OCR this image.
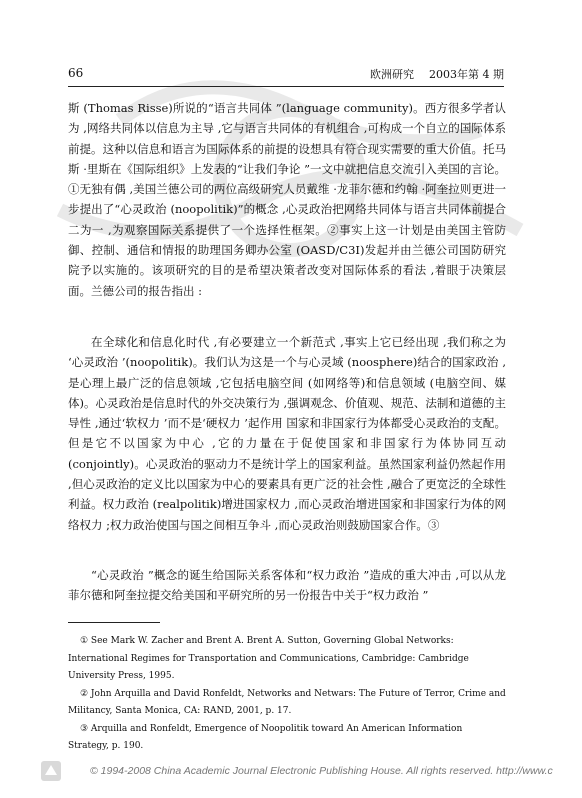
66	欧洲研究 2003年第 4 期

斯 (Thomas Risse)所说的“语言共同体 ”(language community)。西方很多学者认为 ,网络共同体以信息为主导 ,它与语言共同体的有机组合 ,可构成一个自立的国际体系前提。这种以信息和语言为国际体系的前提的设想具有符合现实需要的重大价值。托马斯 ·里斯在《国际组织》上发表的“让我们争论 ”一文中就把信息交流引入美国的言论。①无独有偶 ,美国兰德公司的两位高级研究人员戴维 ·龙菲尔德和约翰 ·阿奎拉则更进一步提出了“心灵政治 (noopolitik)”的概念 ,心灵政治把网络共同体与语言共同体前提合二为一 ,为观察国际关系提供了一个选择性框架。②事实上这一计划是由美国主管防御、控制、通信和情报的助理国务卿办公室 (OASD/C3I)发起并由兰德公司国防研究院予以实施的。该项研究的目的是希望决策者改变对国际体系的看法 ,着眼于决策层面。兰德公司的报告指出 :

在全球化和信息化时代 ,有必要建立一个新范式 ,事实上它已经出现 ,我们称之为 ‘心灵政治 ’(noopolitik)。我们认为这是一个与心灵域 (noosphere)结合的国家政治 ,是心理上最广泛的信息领域 ,它包括电脑空间 (如网络等)和信息领域 (电脑空间、媒体)。心灵政治是信息时代的外交决策行为 ,强调观念、价值观、规范、法制和道德的主导性 ,通过‘软权力 ’而不是‘硬权力 ’起作用 国家和非国家行为体都受心灵政治的支配。但是它不以国家为中心 ,它的力量在于促使国家和非国家行为体协同互动 (conjointly)。心灵政治的驱动力不是统计学上的国家利益。虽然国家利益仍然起作用 ,但心灵政治的定义比以国家为中心的要素具有更广泛的社会性 ,融合了更宽泛的全球性利益。权力政治 (realpolitik)增进国家权力 ,而心灵政治增进国家和非国家行为体的网络权力 ;权力政治使国与国之间相互争斗 ,而心灵政治则鼓励国家合作。③

“心灵政治 ”概念的诞生给国际关系客体和“权力政治 ”造成的重大冲击 ,可以从龙菲尔德和阿奎拉提交给美国和平研究所的另一份报告中关于“权力政治 ”

① See Mark W. Zacher and Brent A. Brent A. Sutton, Governing Global Networks: International Regimes for Transportation and Communications, Cambridge: Cambridge University Press, 1995.

② John Arquilla and David Ronfeldt, Networks and Netwars: The Future of Terror, Crime and Militancy, Santa Monica, CA: RAND, 2001, p. 17.

③ Arquilla and Ronfeldt, Emergence of Noopolitik toward An American Information Strategy, p. 190.

© 1994-2008 China Academic Journal Electronic Publishing House. All rights reserved. http://www.c
